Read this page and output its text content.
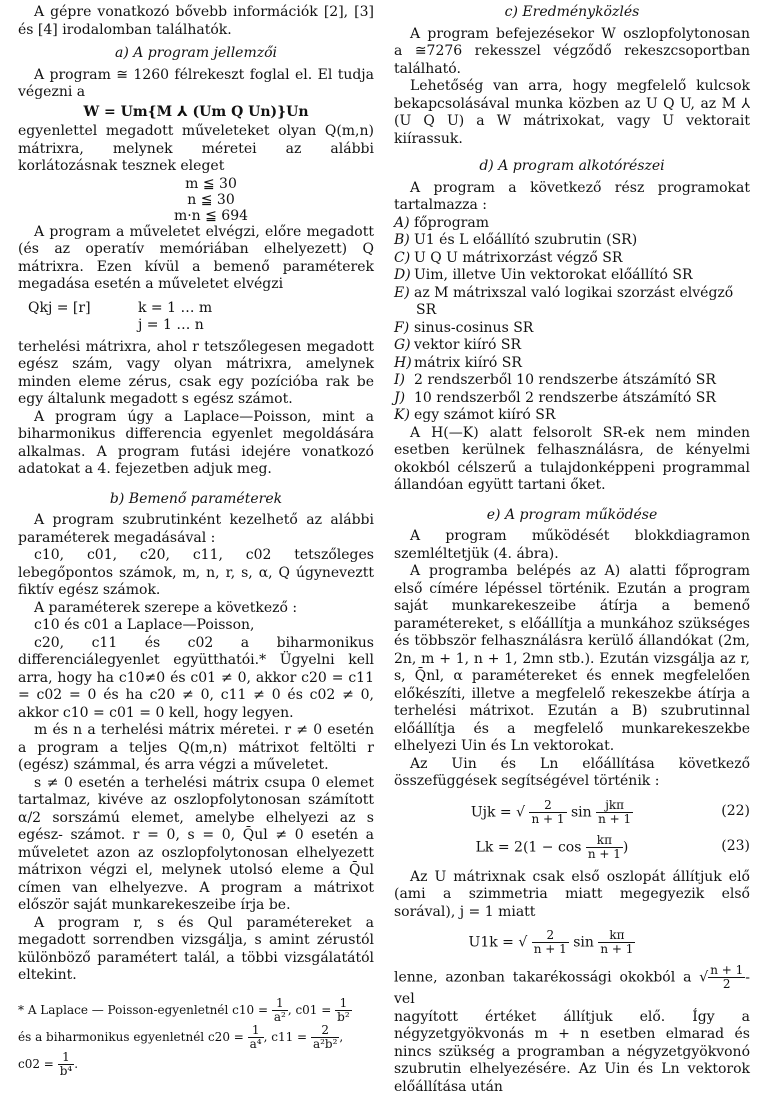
A gépre vonatkozó bővebb információk [2], [3] és [4] irodalomban találhatók.

a) A program jellemzői

A program ≅ 1260 félrekeszt foglal el. El tudja végezni a

W = Um{M ⅄ (Um Q Un)}Un

egyenlettel megadott műveleteket olyan Q(m,n) mátrixra, melynek méretei az alábbi korlátozásnak tesznek eleget

m ≦ 30
n ≦ 30
m·n ≦ 694

A program a műveletet elvégzi, előre megadott (és az operatív memóriában elhelyezett) Q mátrixra. Ezen kívül a bemenő paraméterek megadása esetén a műveletet elvégzi

Qkj = [r]	k = 1 … m
j = 1 … n

terhelési mátrixra, ahol r tetszőlegesen megadott egész szám, vagy olyan mátrixra, amelynek minden eleme zérus, csak egy pozícióba rak be egy általunk megadott s egész számot.

A program úgy a Laplace—Poisson, mint a biharmonikus differencia egyenlet megoldására alkalmas. A program futási idejére vonatkozó adatokat a 4. fejezetben adjuk meg.

b) Bemenő paraméterek

A program szubrutinként kezelhető az alábbi paraméterek megadásával :

c10, c01, c20, c11, c02 tetszőleges lebegőpontos számok, m, n, r, s, α, Q úgyneveztt fiktív egész számok.

A paraméterek szerepe a következő :

c10 és c01 a Laplace—Poisson,

c20, c11 és c02 a biharmonikus differenciálegyenlet együtthatói.* Ügyelni kell arra, hogy ha c10≠0 és c01 ≠ 0, akkor c20 = c11 = c02 = 0 és ha c20 ≠ 0, c11 ≠ 0 és c02 ≠ 0, akkor c10 = c01 = 0 kell, hogy legyen.

m és n a terhelési mátrix méretei. r ≠ 0 esetén a program a teljes Q(m,n) mátrixot feltölti r (egész) számmal, és arra végzi a műveletet.

s ≠ 0 esetén a terhelési mátrix csupa 0 elemet tartalmaz, kivéve az oszlopfolytonosan számított α/2 sorszámú elemet, amelybe elhelyezi az s egész- számot. r = 0, s = 0, Q̄ul ≠ 0 esetén a műveletet azon az oszlopfolytonosan elhelyezett mátrixon végzi el, melynek utolsó eleme a Q̄ul címen van elhelyezve. A program a mátrixot először saját munkarekeszeibe írja be.

A program r, s és Qul paramétereket a megadott sorrendben vizsgálja, s amint zérustól különböző paramétert talál, a többi vizsgálatától eltekint.

* A Laplace — Poisson-egyenletnél $c10 = \frac{1}{\text{a²}}$ , $c01 = \frac{1}{\text{b²}}$

és a biharmonikus egyenletnél $c20 = \frac{1}{\text{a⁴}}$ , $c11 = \frac{2}{\text{a²b²}}$ ,

$c02 = \frac{1}{\text{b⁴}}$ .

c) Eredményközlés

A program befejezésekor W oszlopfolytonosan a ≅7276 rekesszel végződő rekeszcsoportban található.

Lehetőség van arra, hogy megfelelő kulcsok bekapcsolásával munka közben az U Q U, az M ⅄ (U Q U) a W mátrixokat, vagy U vektorait kiírassuk.

d) A program alkotórészei

A program a következő rész programokat tartalmazza :

A) főprogram
B) U1 és L előállító szubrutin (SR)
C) U Q U mátrixorzást végző SR
D) Uim, illetve Uin vektorokat előállító SR
E) az M mátrixszal való logikai szorzást elvégző SR
F) sinus-cosinus SR
G) vektor kiíró SR
H) mátrix kiíró SR
I) 2 rendszerből 10 rendszerbe átszámító SR
J) 10 rendszerből 2 rendszerbe átszámító SR
K) egy számot kiíró SR

A H(—K) alatt felsorolt SR-ek nem minden esetben kerülnek felhasználásra, de kényelmi okokból célszerű a tulajdonképpeni programmal állandóan együtt tartani őket.

e) A program működése

A program működését blokkdiagramon szemléltetjük (4. ábra).

A programba belépés az A) alatti főprogram első címére lépéssel történik. Ezután a program saját munkarekeszeibe átírja a bemenő paramétereket, s előállítja a munkához szükséges és többször felhasználásra kerülő állandókat (2m, 2n, m + 1, n + 1, 2mn stb.). Ezután vizsgálja az r, s, Q̄nl, α paramétereket és ennek megfelelően előkészíti, illetve a megfelelő rekeszekbe átírja a terhelési mátrixot. Ezután a B) szubrutinnal előállítja és a megfelelő munkarekeszekbe elhelyezi Uin és Ln vektorokat.

Az Uin és Ln előállítása következő összefüggések segítségével történik :

Ujk = √ $\frac{2}{n + 1}$ $\sin \frac{\text{jkπ}}{n + 1}$	(22)
$Lk = 2(1 - \cos \frac{k\pi}{n + 1}$ )	(23)

Az U mátrixnak csak első oszlopát állítjuk elő (ami a szimmetria miatt megegyezik első sorával), j = 1 miatt

U1k = √ $\frac{2}{n + 1}$ $\sin \frac{k\pi}{n + 1}$

lenne, azonban takarékossági okokból a √ $\frac{n + 1}{2} -vel$

nagyított értéket állítjuk elő. Így a négyzetgyökvonás m + n esetben elmarad és nincs szükség a programban a négyzetgyökvonó szubrutin elhelyezésére. Az Uin és Ln vektorok előállítása után
